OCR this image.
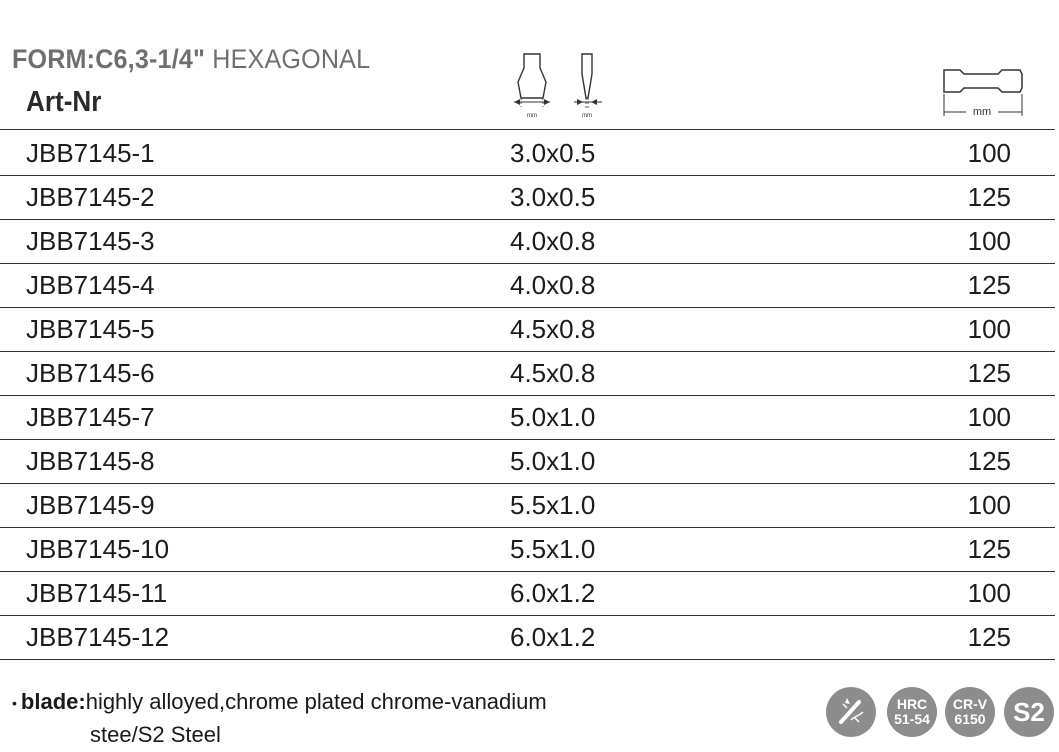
FORM:C6,3-1/4" HEXAGONAL
Art-Nr	mm	mm	mm
JBB7145-1	3.0x0.5	100
JBB7145-2	3.0x0.5	125
JBB7145-3	4.0x0.8	100
JBB7145-4	4.0x0.8	125
JBB7145-5	4.5x0.8	100
JBB7145-6	4.5x0.8	125
JBB7145-7	5.0x1.0	100
JBB7145-8	5.0x1.0	125
JBB7145-9	5.5x1.0	100
JBB7145-10	5.5x1.0	125
JBB7145-11	6.0x1.2	100
JBB7145-12	6.0x1.2	125
• blade:highly alloyed,chrome plated chrome-vanadium
stee/S2 Steel
HRC
51-54
CR-V
6150 S2
